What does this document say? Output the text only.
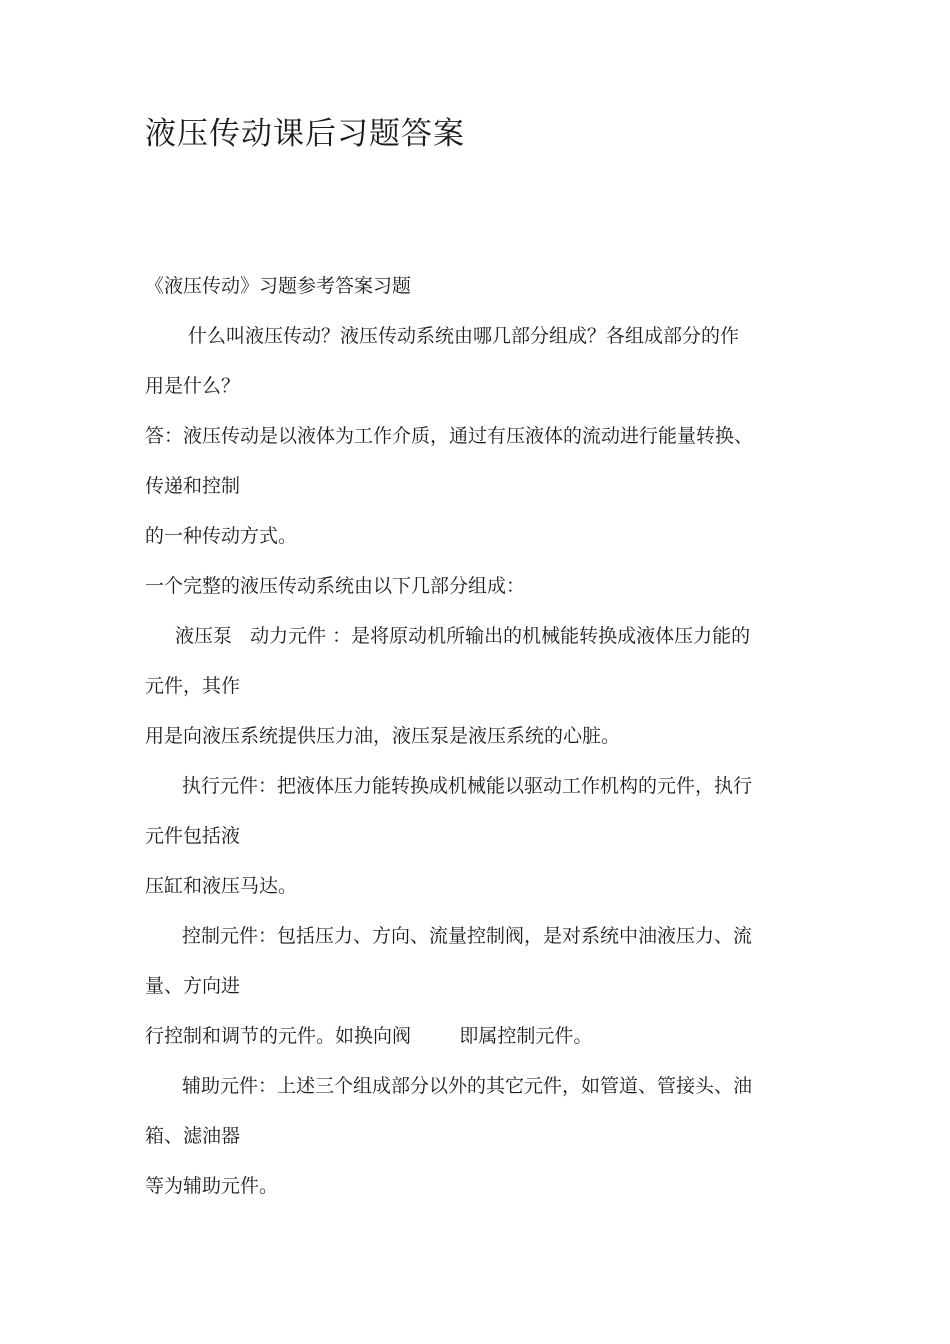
液压传动课后习题答案
《液压传动》习题参考答案习题
什么叫液压传动？液压传动系统由哪几部分组成？各组成部分的作
用是什么？
答：液压传动是以液体为工作介质，通过有压液体的流动进行能量转换、
传递和控制
的一种传动方式。
一个完整的液压传动系统由以下几部分组成：
液压泵   动力元件 ：是将原动机所输出的机械能转换成液体压力能的
元件，其作
用是向液压系统提供压力油，液压泵是液压系统的心脏。
执行元件：把液体压力能转换成机械能以驱动工作机构的元件，执行
元件包括液
压缸和液压马达。
控制元件：包括压力、方向、流量控制阀，是对系统中油液压力、流
量、方向进
行控制和调节的元件。如换向阀        即属控制元件。
辅助元件：上述三个组成部分以外的其它元件，如管道、管接头、油
箱、滤油器
等为辅助元件。
